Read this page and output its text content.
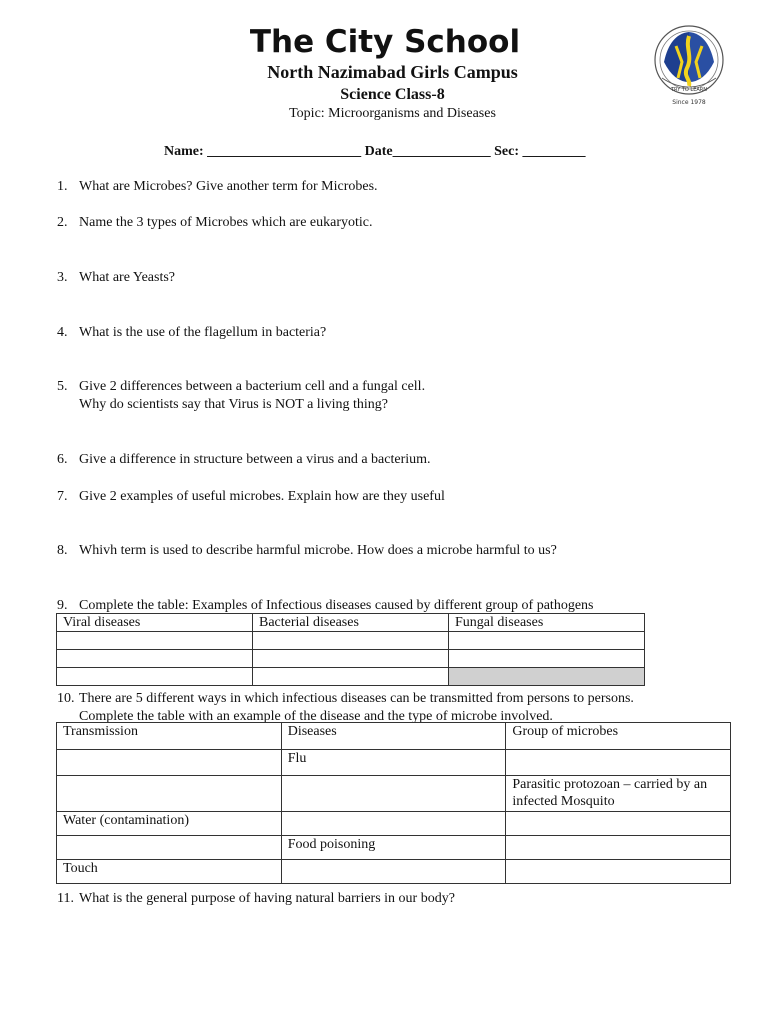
The City School
North Nazimabad Girls Campus
Science Class-8
Topic: Microorganisms and Diseases
TRY TO LEARN
Since 1978
Name: ______________________ Date______________ Sec: _________
1. What are Microbes? Give another term for Microbes.
2. Name the 3 types of Microbes which are eukaryotic.
3. What are Yeasts?
4. What is the use of the flagellum in bacteria?
5. Give 2 differences between a bacterium cell and a fungal cell.
Why do scientists say that Virus is NOT a living thing?
6. Give a difference in structure between a virus and a bacterium.
7. Give 2 examples of useful microbes. Explain how are they useful
8. Whivh term is used to describe harmful microbe. How does a microbe harmful to us?
9. Complete the table: Examples of Infectious diseases caused by different group of pathogens
Viral diseases	Bacterial diseases	Fungal diseases

10. There are 5 different ways in which infectious diseases can be transmitted from persons to persons.
Complete the table with an example of the disease and the type of microbe involved.
Transmission	Diseases	Group of microbes
	Flu	
		Parasitic protozoan – carried by an infected Mosquito
Water (contamination)		
	Food poisoning	
Touch		
11. What is the general purpose of having natural barriers in our body?
